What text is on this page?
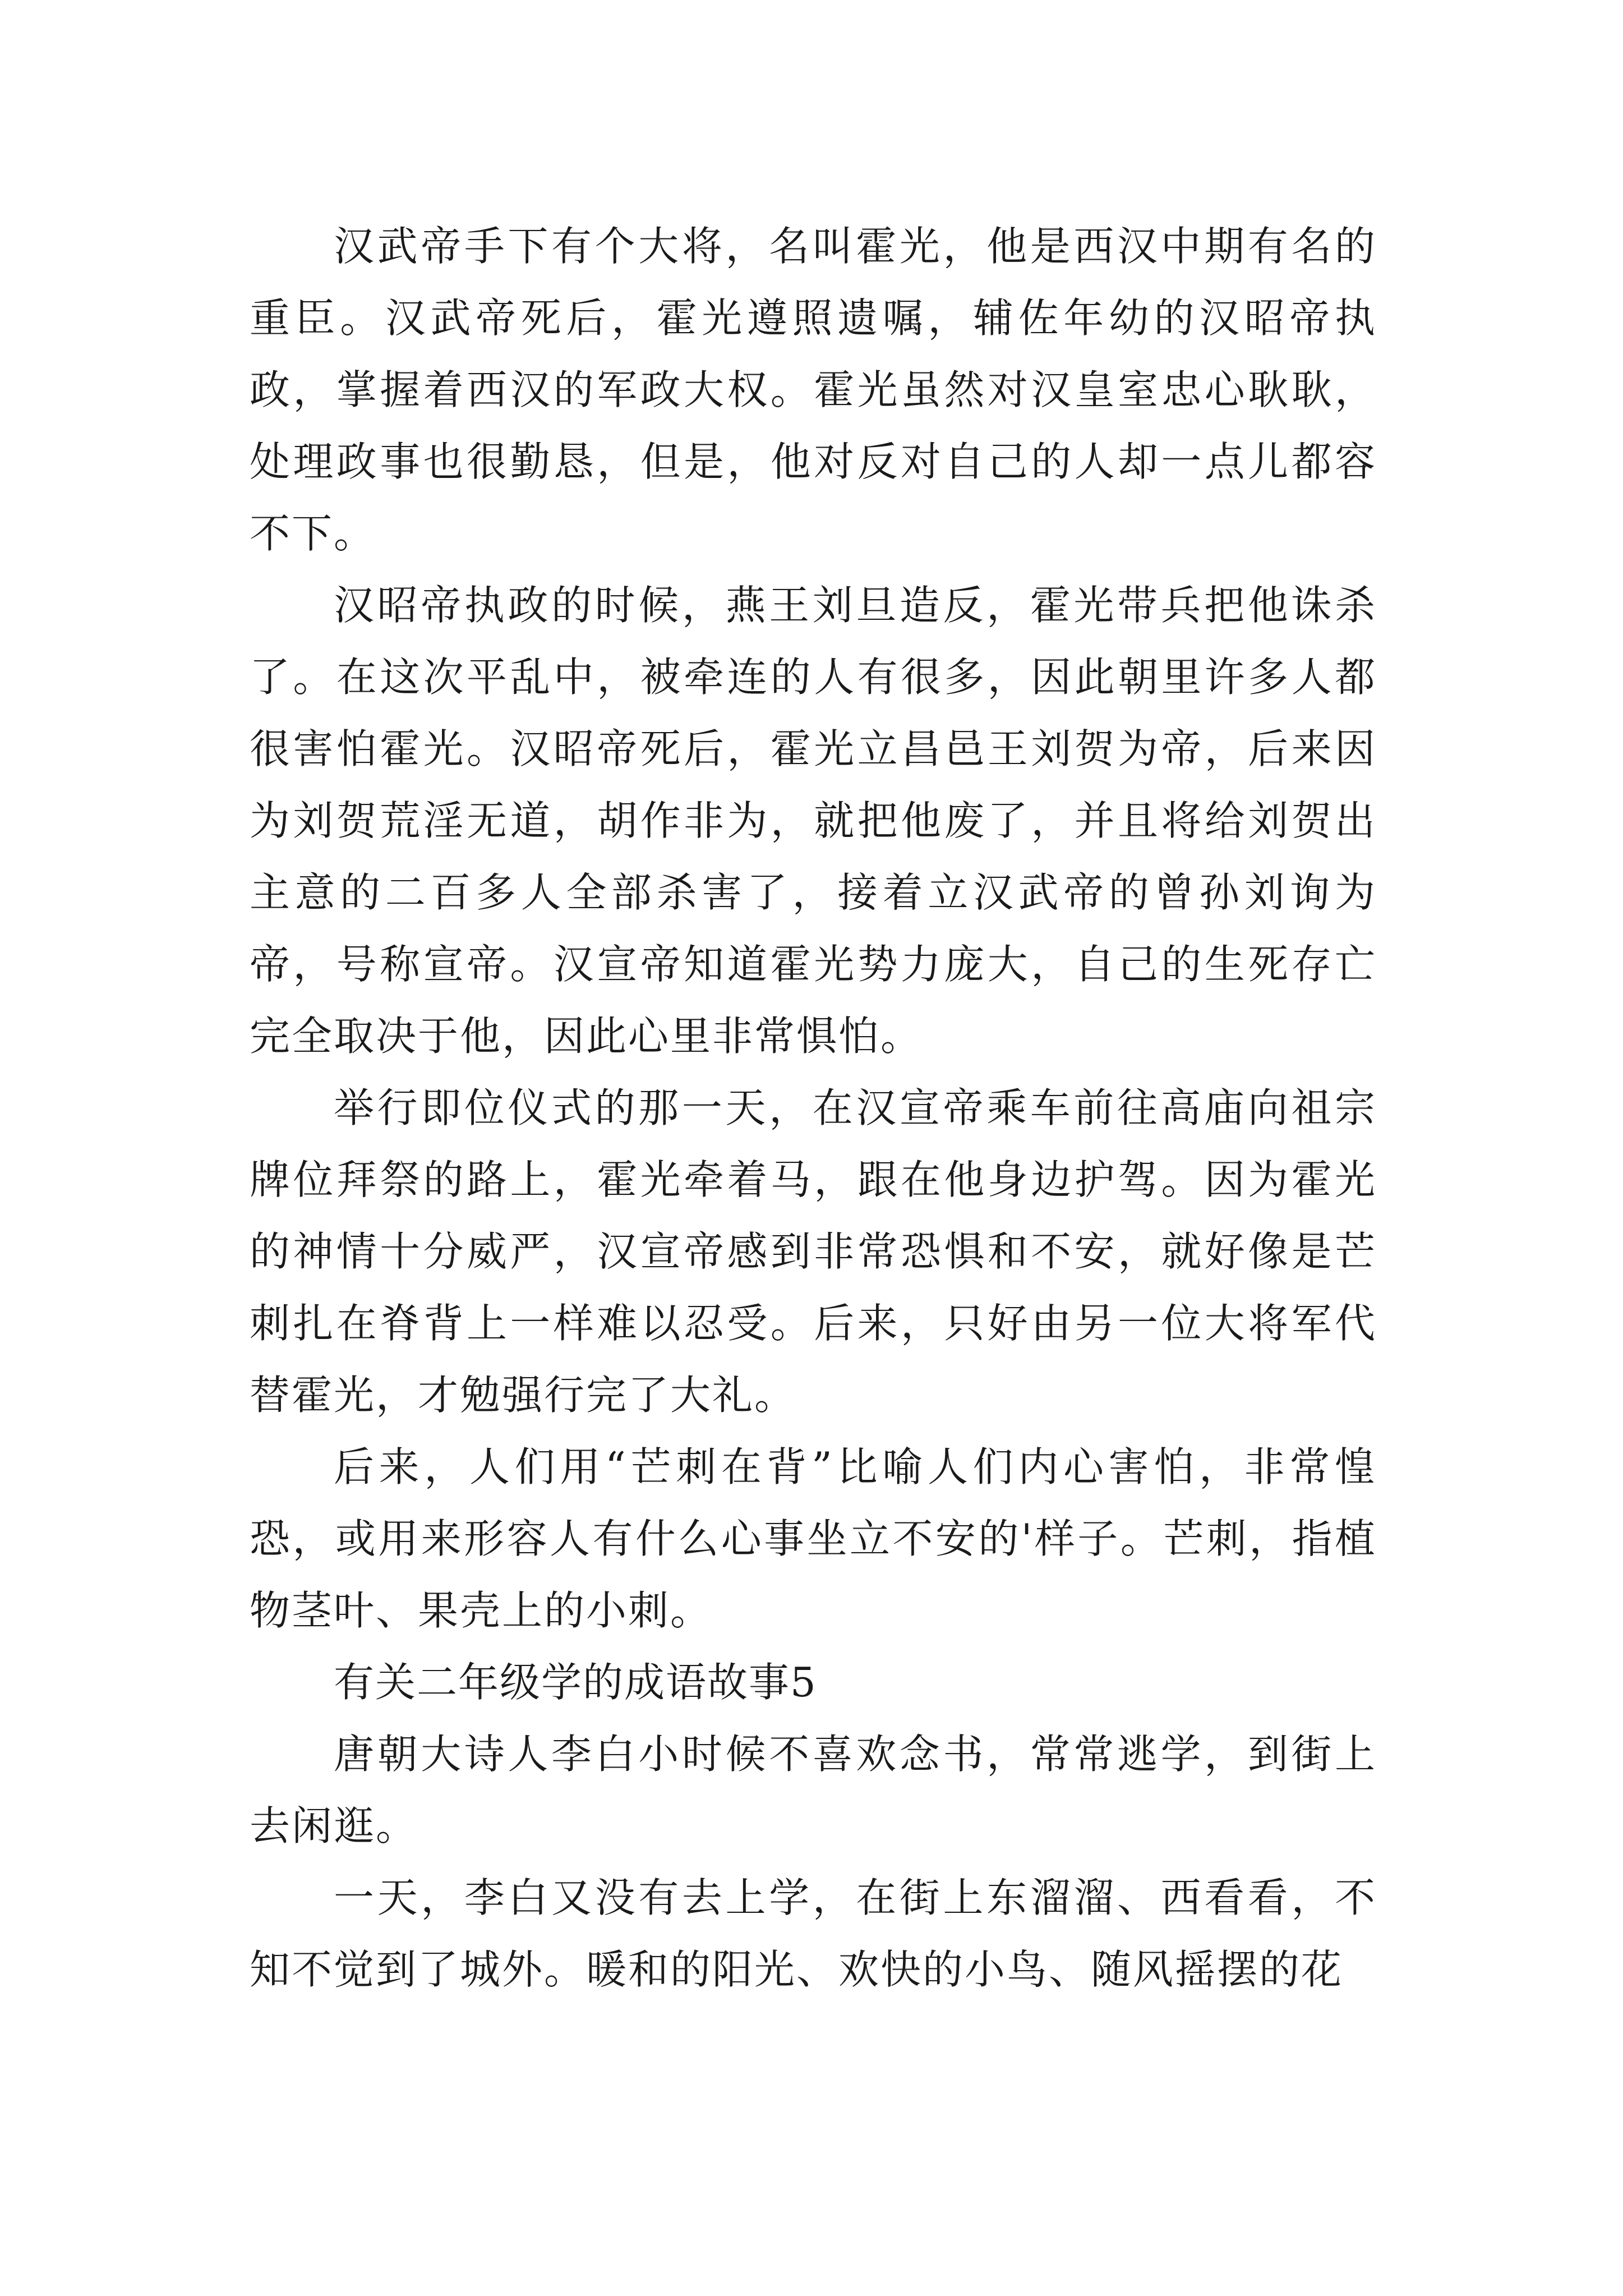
汉武帝手下有个大将，名叫霍光，他是西汉中期有名的重臣。汉武帝死后，霍光遵照遗嘱，辅佐年幼的汉昭帝执政，掌握着西汉的军政大权。霍光虽然对汉皇室忠心耿耿，处理政事也很勤恳，但是，他对反对自己的人却一点儿都容不下。

汉昭帝执政的时候，燕王刘旦造反，霍光带兵把他诛杀了。在这次平乱中，被牵连的人有很多，因此朝里许多人都很害怕霍光。汉昭帝死后，霍光立昌邑王刘贺为帝，后来因为刘贺荒淫无道，胡作非为，就把他废了，并且将给刘贺出主意的二百多人全部杀害了，接着立汉武帝的曾孙刘询为帝，号称宣帝。汉宣帝知道霍光势力庞大，自己的生死存亡完全取决于他，因此心里非常惧怕。

举行即位仪式的那一天，在汉宣帝乘车前往高庙向祖宗牌位拜祭的路上，霍光牵着马，跟在他身边护驾。因为霍光的神情十分威严，汉宣帝感到非常恐惧和不安，就好像是芒刺扎在脊背上一样难以忍受。后来，只好由另一位大将军代替霍光，才勉强行完了大礼。

后来，人们用“芒刺在背”比喻人们内心害怕，非常惶恐，或用来形容人有什么心事坐立不安的'样子。芒刺，指植物茎叶、果壳上的小刺。

有关二年级学的成语故事5

唐朝大诗人李白小时候不喜欢念书，常常逃学，到街上去闲逛。

一天，李白又没有去上学，在街上东溜溜、西看看，不知不觉到了城外。暖和的阳光、欢快的小鸟、随风摇摆的花
